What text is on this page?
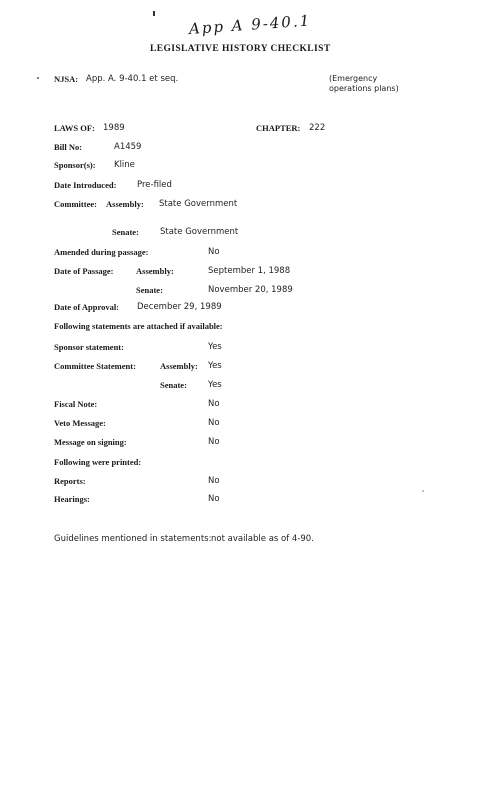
App A 9-40.1
LEGISLATIVE HISTORY CHECKLIST
NJSA: App. A. 9-40.1 et seq.	(Emergency
operations plans)
LAWS OF: 1989	CHAPTER: 222
Bill No:	A1459
Sponsor(s): Kline
Date Introduced: Pre-filed
Committee: Assembly: State Government
Senate: State Government
Amended during passage:	No
Date of Passage:	Assembly:	September 1, 1988
Senate:	November 20, 1989
Date of Approval: December 29, 1989
Following statements are attached if available:
Sponsor statement:	Yes
Committee Statement:	Assembly: Yes
Senate: Yes
Fiscal Note:	No
Veto Message:	No
Message on signing:	No
Following were printed:
Reports:	No
Hearings:	No
Guidelines mentioned in statements: not available as of 4-90.
